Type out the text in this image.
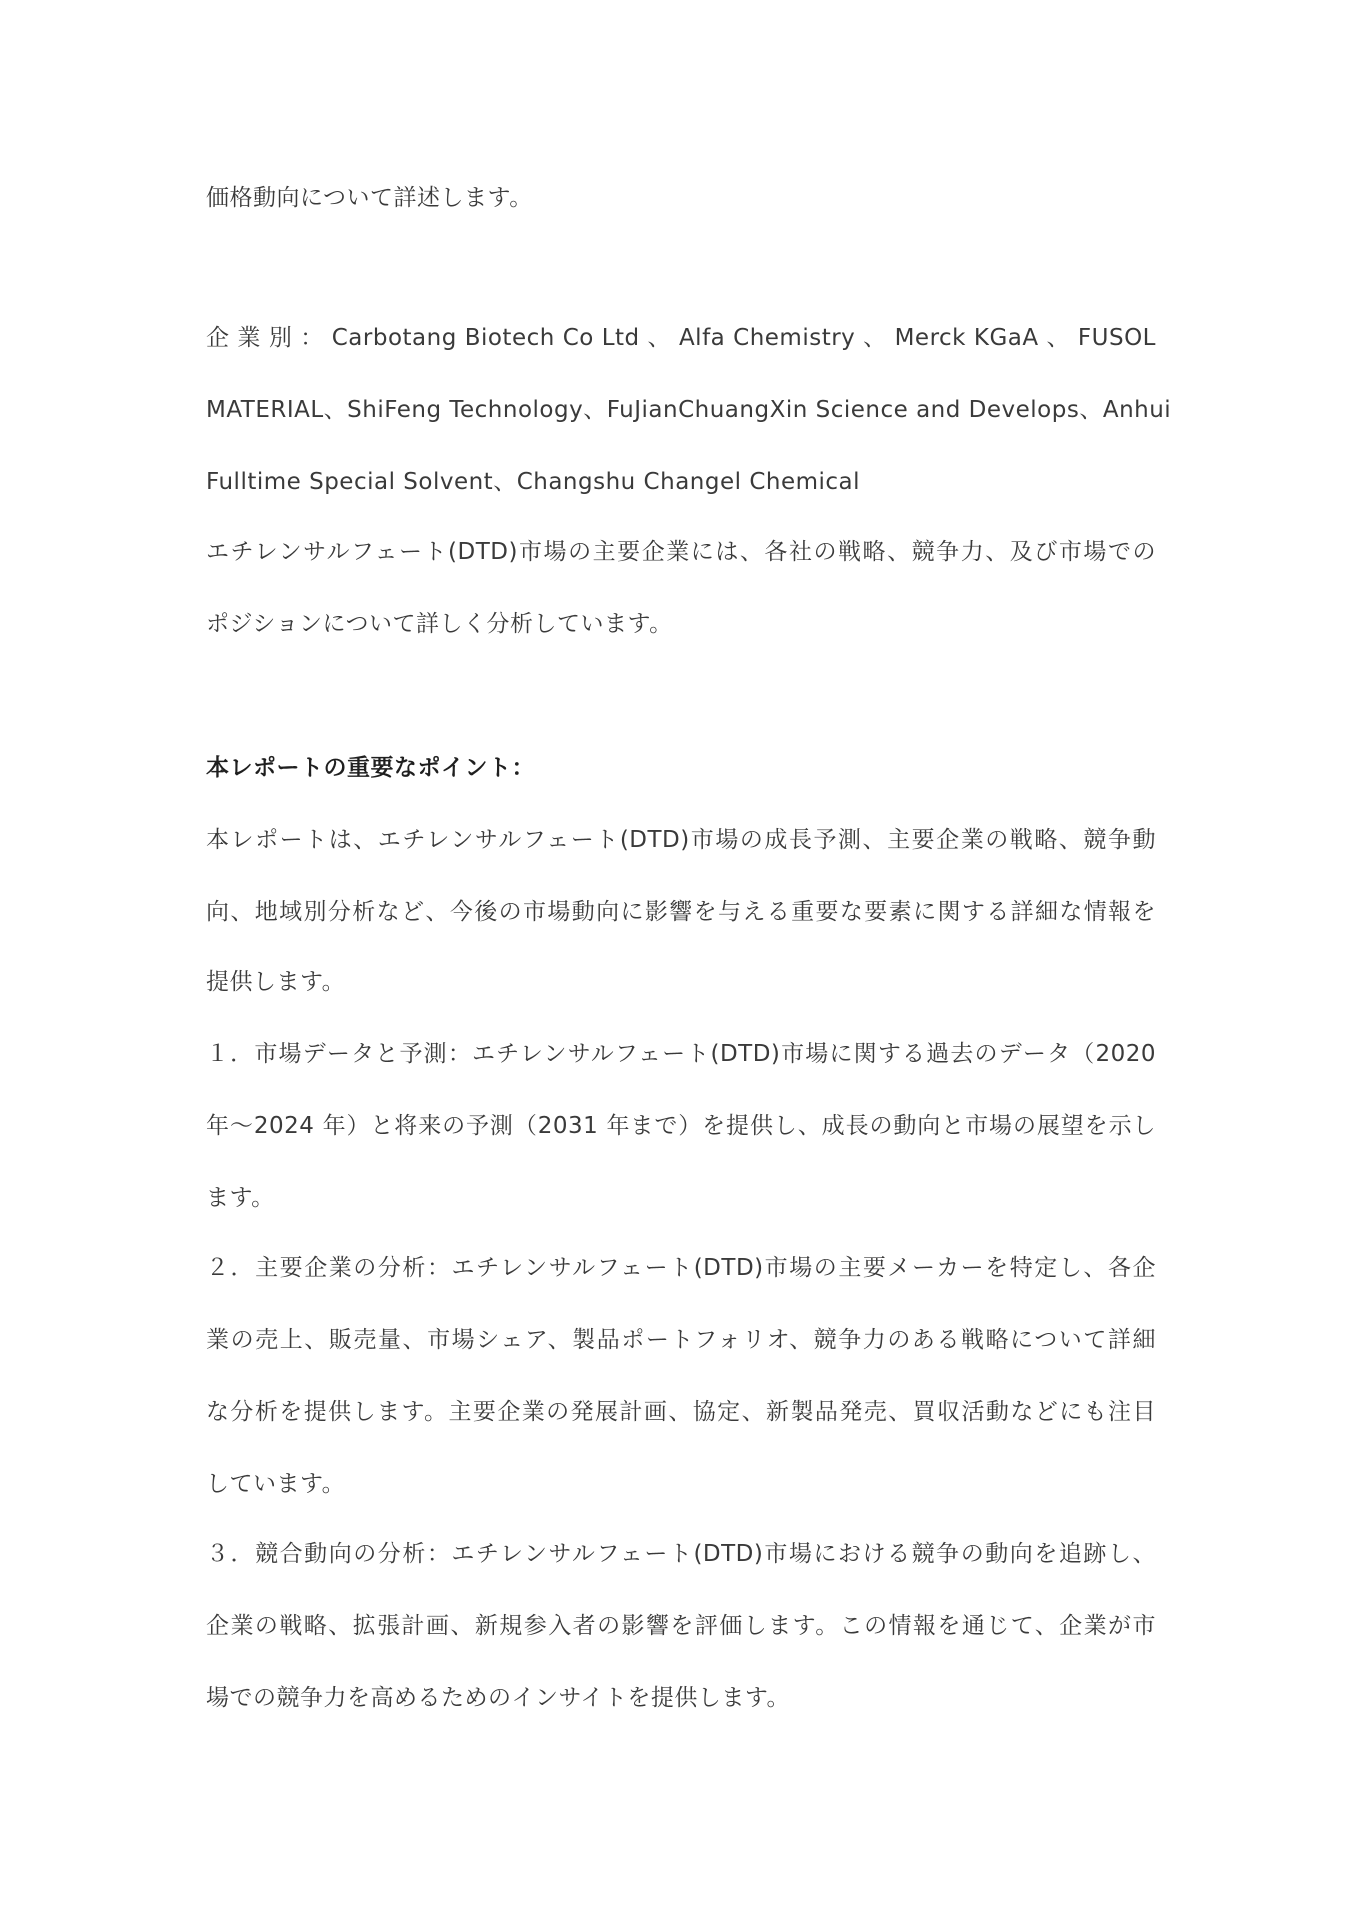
価格動向について詳述します。
企 業 別 ： Carbotang Biotech Co Ltd 、 Alfa Chemistry 、 Merck KGaA 、 FUSOL
MATERIAL、ShiFeng Technology、FuJianChuangXin Science and Develops、Anhui
Fulltime Special Solvent、Changshu Changel Chemical
エチレンサルフェート(DTD)市場の主要企業には、各社の戦略、競争力、及び市場での
ポジションについて詳しく分析しています。
本レポートの重要なポイント：
本レポートは、エチレンサルフェート(DTD)市場の成長予測、主要企業の戦略、競争動
向、地域別分析など、今後の市場動向に影響を与える重要な要素に関する詳細な情報を
提供します。
１．市場データと予測：エチレンサルフェート(DTD)市場に関する過去のデータ（2020
年～2024 年）と将来の予測（2031 年まで）を提供し、成長の動向と市場の展望を示し
ます。
２．主要企業の分析：エチレンサルフェート(DTD)市場の主要メーカーを特定し、各企
業の売上、販売量、市場シェア、製品ポートフォリオ、競争力のある戦略について詳細
な分析を提供します。主要企業の発展計画、協定、新製品発売、買収活動などにも注目
しています。
３．競合動向の分析：エチレンサルフェート(DTD)市場における競争の動向を追跡し、
企業の戦略、拡張計画、新規参入者の影響を評価します。この情報を通じて、企業が市
場での競争力を高めるためのインサイトを提供します。
